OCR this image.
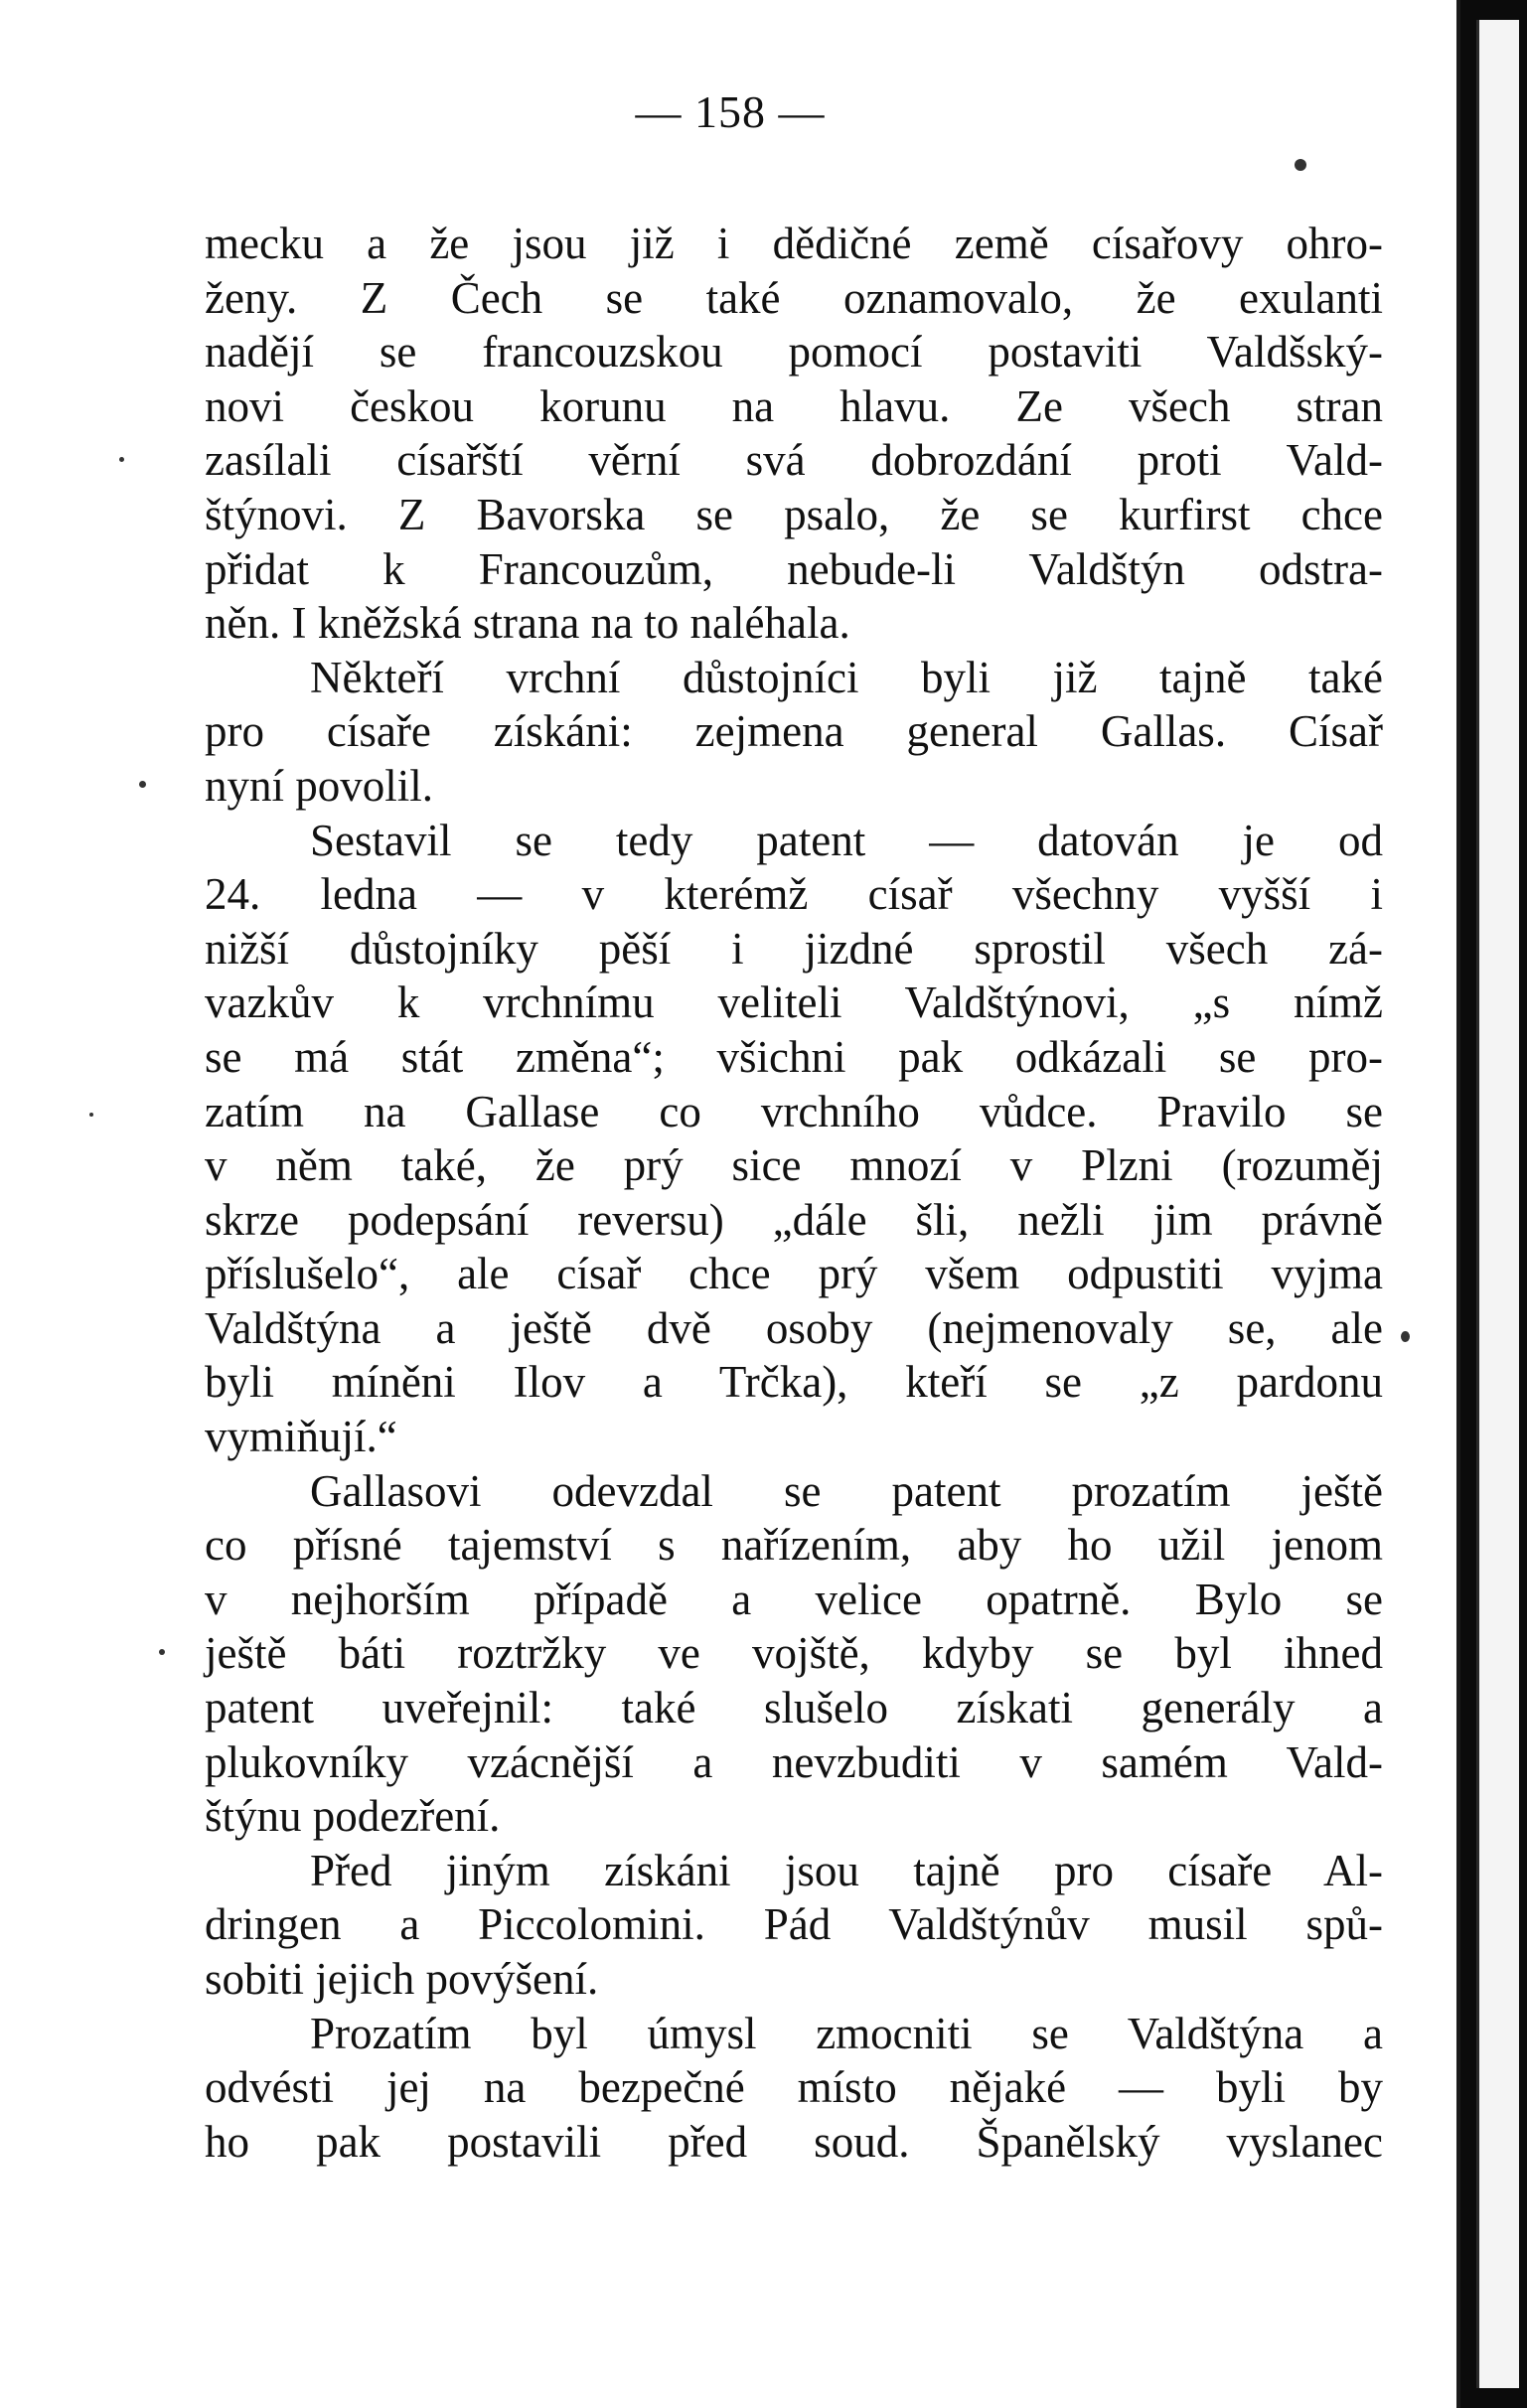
— 158 —
mecku a že jsou již i dědičné země císařovy ohro-
ženy. Z Čech se také oznamovalo, že exulanti
nadějí se francouzskou pomocí postaviti Valdšský-
novi českou korunu na hlavu. Ze všech stran
zasílali císařští věrní svá dobrozdání proti Vald-
štýnovi. Z Bavorska se psalo, že se kurfirst chce
přidat k Francouzům, nebude-li Valdštýn odstra-
něn. I kněžská strana na to naléhala.
Někteří vrchní důstojníci byli již tajně také
pro císaře získáni: zejmena general Gallas. Císař
nyní povolil.
Sestavil se tedy patent — datován je od
24. ledna — v kterémž císař všechny vyšší i
nižší důstojníky pěší i jizdné sprostil všech zá-
vazkův k vrchnímu veliteli Valdštýnovi, „s nímž
se má stát změna“; všichni pak odkázali se pro-
zatím na Gallase co vrchního vůdce. Pravilo se
v něm také, že prý sice mnozí v Plzni (rozuměj
skrze podepsání reversu) „dále šli, nežli jim právně
příslušelo“, ale císař chce prý všem odpustiti vyjma
Valdštýna a ještě dvě osoby (nejmenovaly se, ale
byli míněni Ilov a Trčka), kteří se „z pardonu
vymiňují.“
Gallasovi odevzdal se patent prozatím ještě
co přísné tajemství s nařízením, aby ho užil jenom
v nejhorším případě a velice opatrně. Bylo se
ještě báti roztržky ve vojště, kdyby se byl ihned
patent uveřejnil: také slušelo získati generály a
plukovníky vzácnější a nevzbuditi v samém Vald-
štýnu podezření.
Před jiným získáni jsou tajně pro císaře Al-
dringen a Piccolomini. Pád Valdštýnův musil spů-
sobiti jejich povýšení.
Prozatím byl úmysl zmocniti se Valdštýna a
odvésti jej na bezpečné místo nějaké — byli by
ho pak postavili před soud. Španělský vyslanec
